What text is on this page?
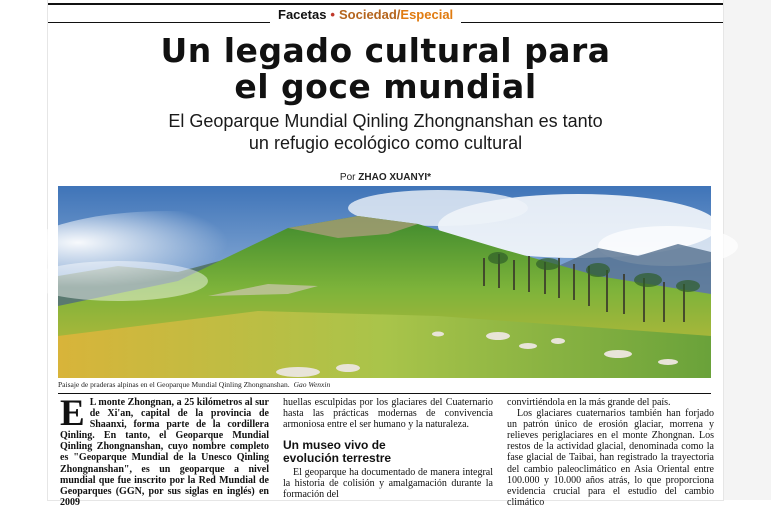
Facetas • Sociedad/Especial
Un legado cultural para
el goce mundial
El Geoparque Mundial Qinling Zhongnanshan es tanto
un refugio ecológico como cultural
Por ZHAO XUANYI*
Paisaje de praderas alpinas en el Geoparque Mundial Qinling Zhongnanshan. Gao Wenxin

E L monte Zhongnan, a 25 kilómetros al sur de Xi'an, capital de la provincia de Shaanxi, forma parte de la cordillera Qinling. En tanto, el Geoparque Mundial Qinling Zhongnanshan, cuyo nombre completo es "Geoparque Mundial de la Unesco Qinling Zhongnanshan", es un geoparque a nivel mundial que fue inscrito por la Red Mundial de Geoparques (GGN, por sus siglas en inglés) en 2009

huellas esculpidas por los glaciares del Cuaternario hasta las prácticas modernas de convivencia armoniosa entre el ser humano y la naturaleza.

Un museo vivo de
evolución terrestre

El geoparque ha documentado de manera integral la historia de colisión y amalgamación durante la formación del

convirtiéndola en la más grande del país.

Los glaciares cuaternarios también han forjado un patrón único de erosión glaciar, morrena y relieves periglaciares en el monte Zhongnan. Los restos de la actividad glacial, denominada como la fase glacial de Taibai, han registrado la trayectoria del cambio paleoclimático en Asia Oriental entre 100.000 y 10.000 años atrás, lo que proporciona evidencia crucial para el estudio del cambio climático
